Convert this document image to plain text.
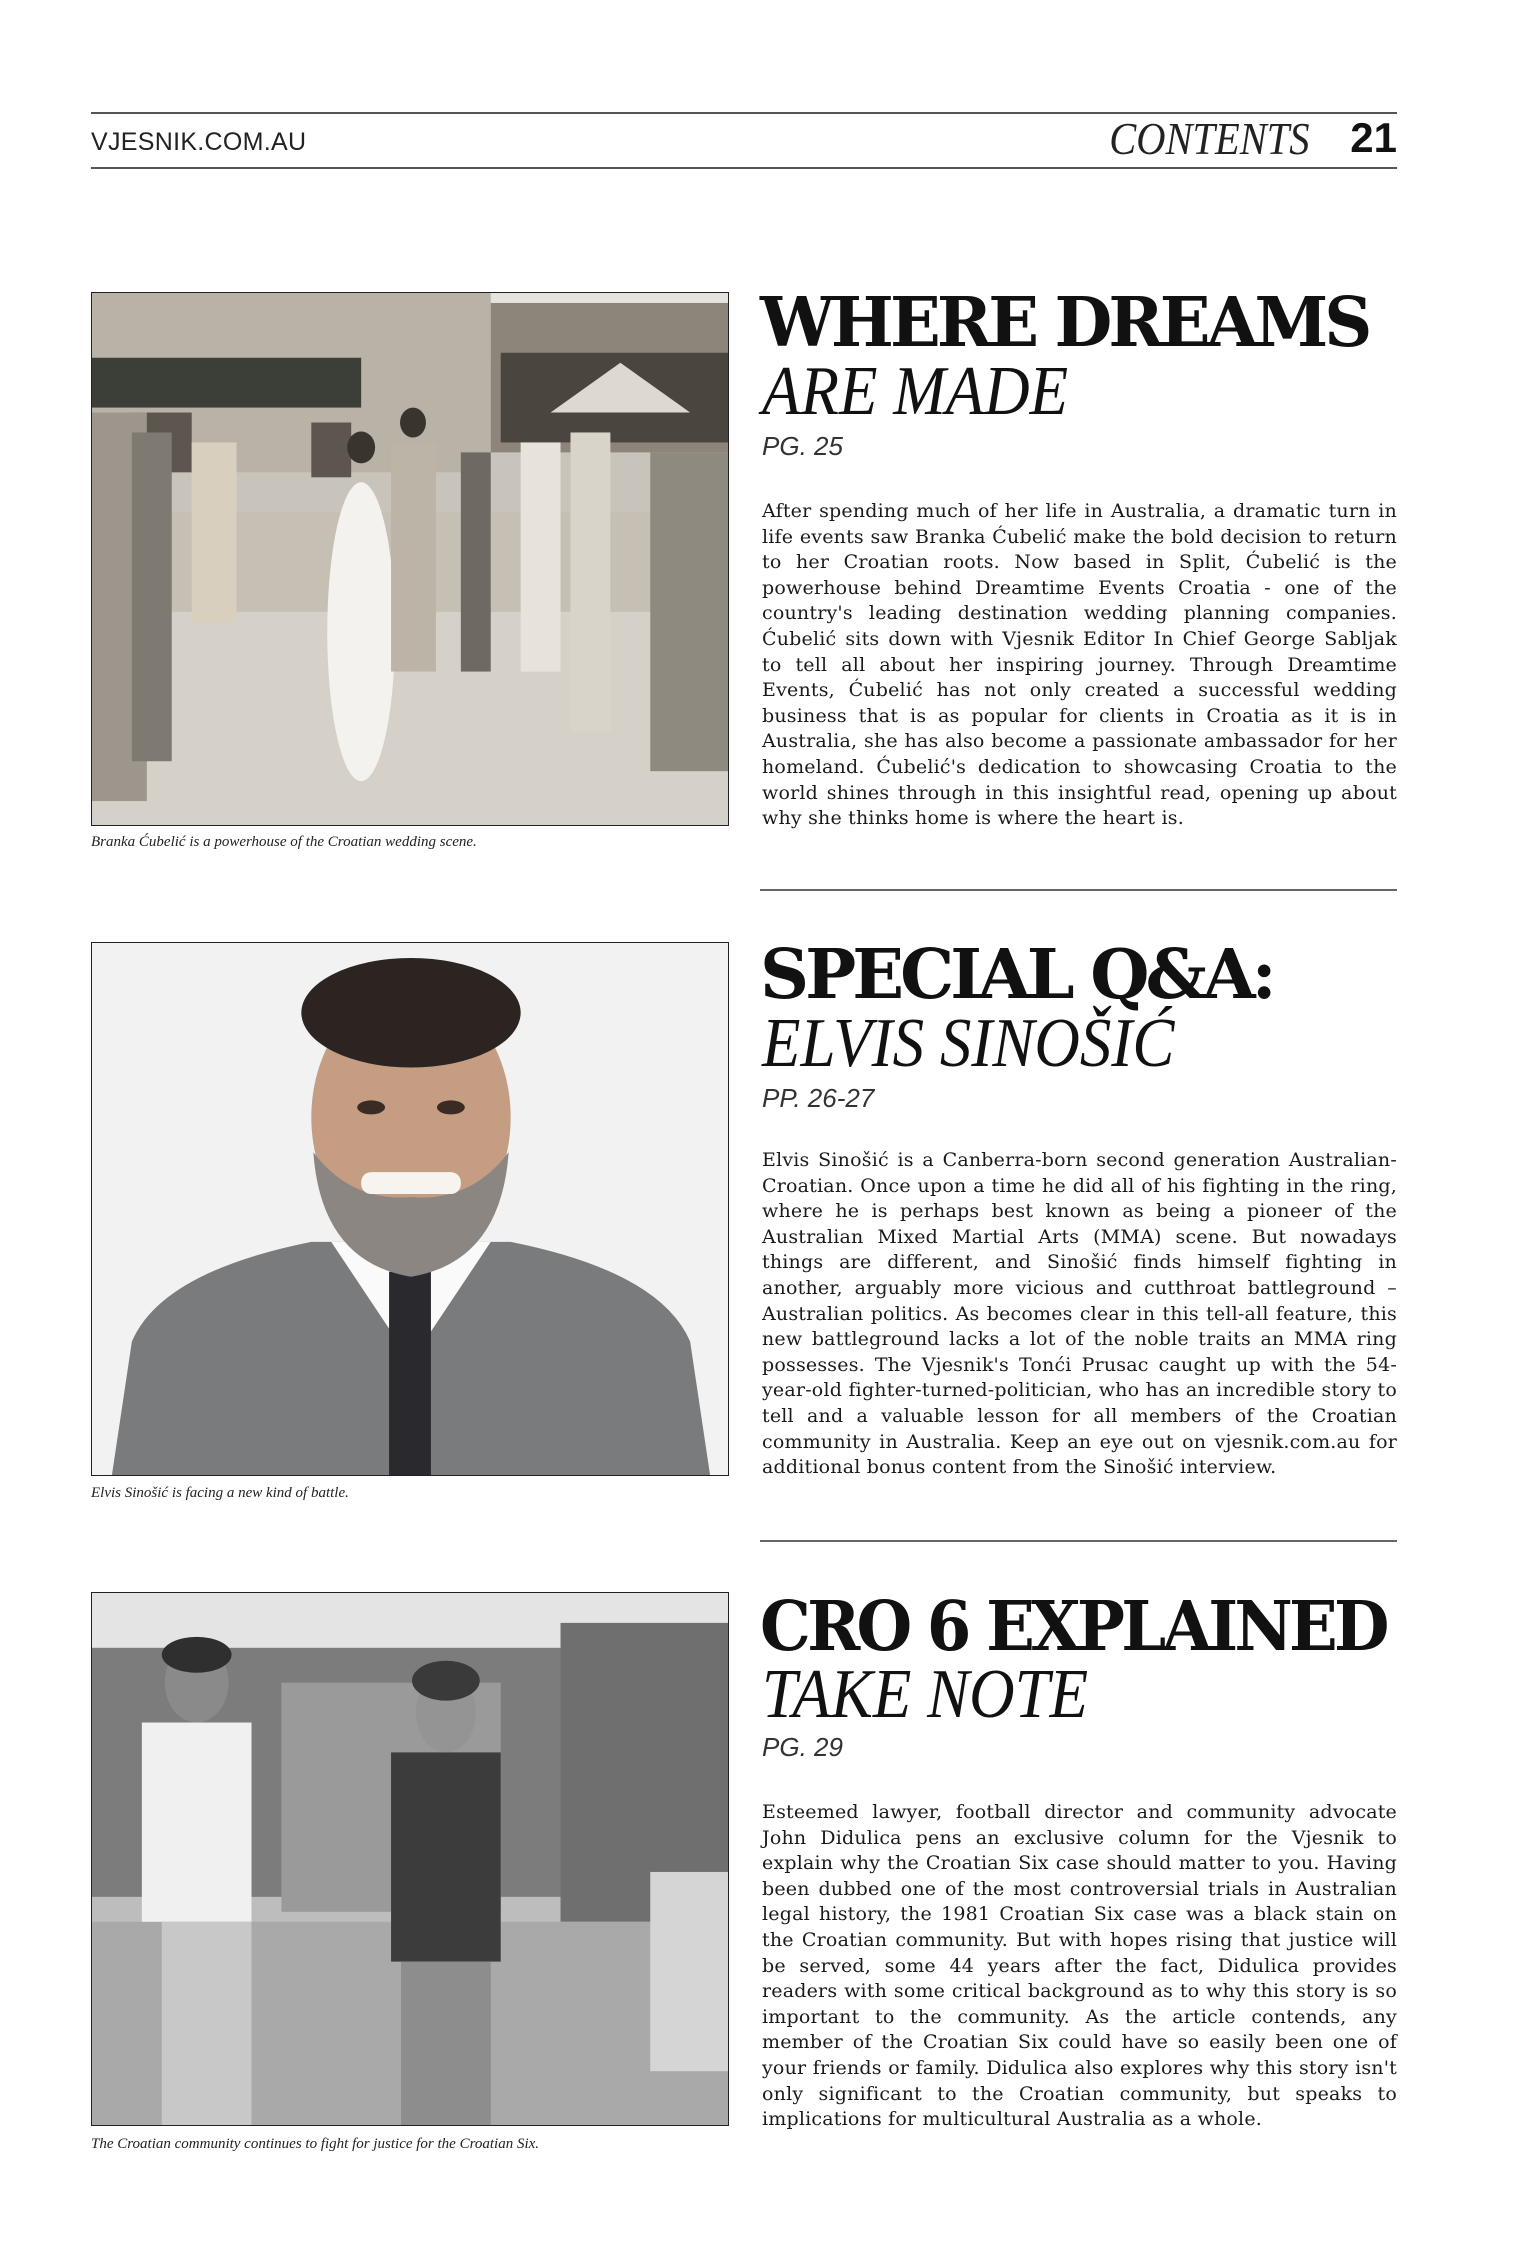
VJESNIK.COM.AU	CONTENTS 21
Branka Ćubelić is a powerhouse of the Croatian wedding scene.
WHERE DREAMS
ARE MADE
PG. 25

After spending much of her life in Australia, a dramatic turn in life events saw Branka Ćubelić make the bold decision to return to her Croatian roots. Now based in Split, Ćubelić is the powerhouse behind Dreamtime Events Croatia - one of the country's leading destination wedding planning companies. Ćubelić sits down with Vjesnik Editor In Chief George Sabljak to tell all about her inspiring journey. Through Dreamtime Events, Ćubelić has not only created a successful wedding business that is as popular for clients in Croatia as it is in Australia, she has also become a passionate ambassador for her homeland. Ćubelić's dedication to showcasing Croatia to the world shines through in this insightful read, opening up about why she thinks home is where the heart is.

Elvis Sinošić is facing a new kind of battle.
SPECIAL Q&A:
ELVIS SINOŠIĆ
PP. 26-27

Elvis Sinošić is a Canberra-born second generation Australian-Croatian. Once upon a time he did all of his fighting in the ring, where he is perhaps best known as being a pioneer of the Australian Mixed Martial Arts (MMA) scene. But nowadays things are different, and Sinošić finds himself fighting in another, arguably more vicious and cutthroat battleground – Australian politics. As becomes clear in this tell-all feature, this new battleground lacks a lot of the noble traits an MMA ring possesses. The Vjesnik's Tonći Prusac caught up with the 54-year-old fighter-turned-politician, who has an incredible story to tell and a valuable lesson for all members of the Croatian community in Australia. Keep an eye out on vjesnik.com.au for additional bonus content from the Sinošić interview.

The Croatian community continues to fight for justice for the Croatian Six.
CRO 6 EXPLAINED
TAKE NOTE
PG. 29

Esteemed lawyer, football director and community advocate John Didulica pens an exclusive column for the Vjesnik to explain why the Croatian Six case should matter to you. Having been dubbed one of the most controversial trials in Australian legal history, the 1981 Croatian Six case was a black stain on the Croatian community. But with hopes rising that justice will be served, some 44 years after the fact, Didulica provides readers with some critical background as to why this story is so important to the community. As the article contends, any member of the Croatian Six could have so easily been one of your friends or family. Didulica also explores why this story isn't only significant to the Croatian community, but speaks to implications for multicultural Australia as a whole.
